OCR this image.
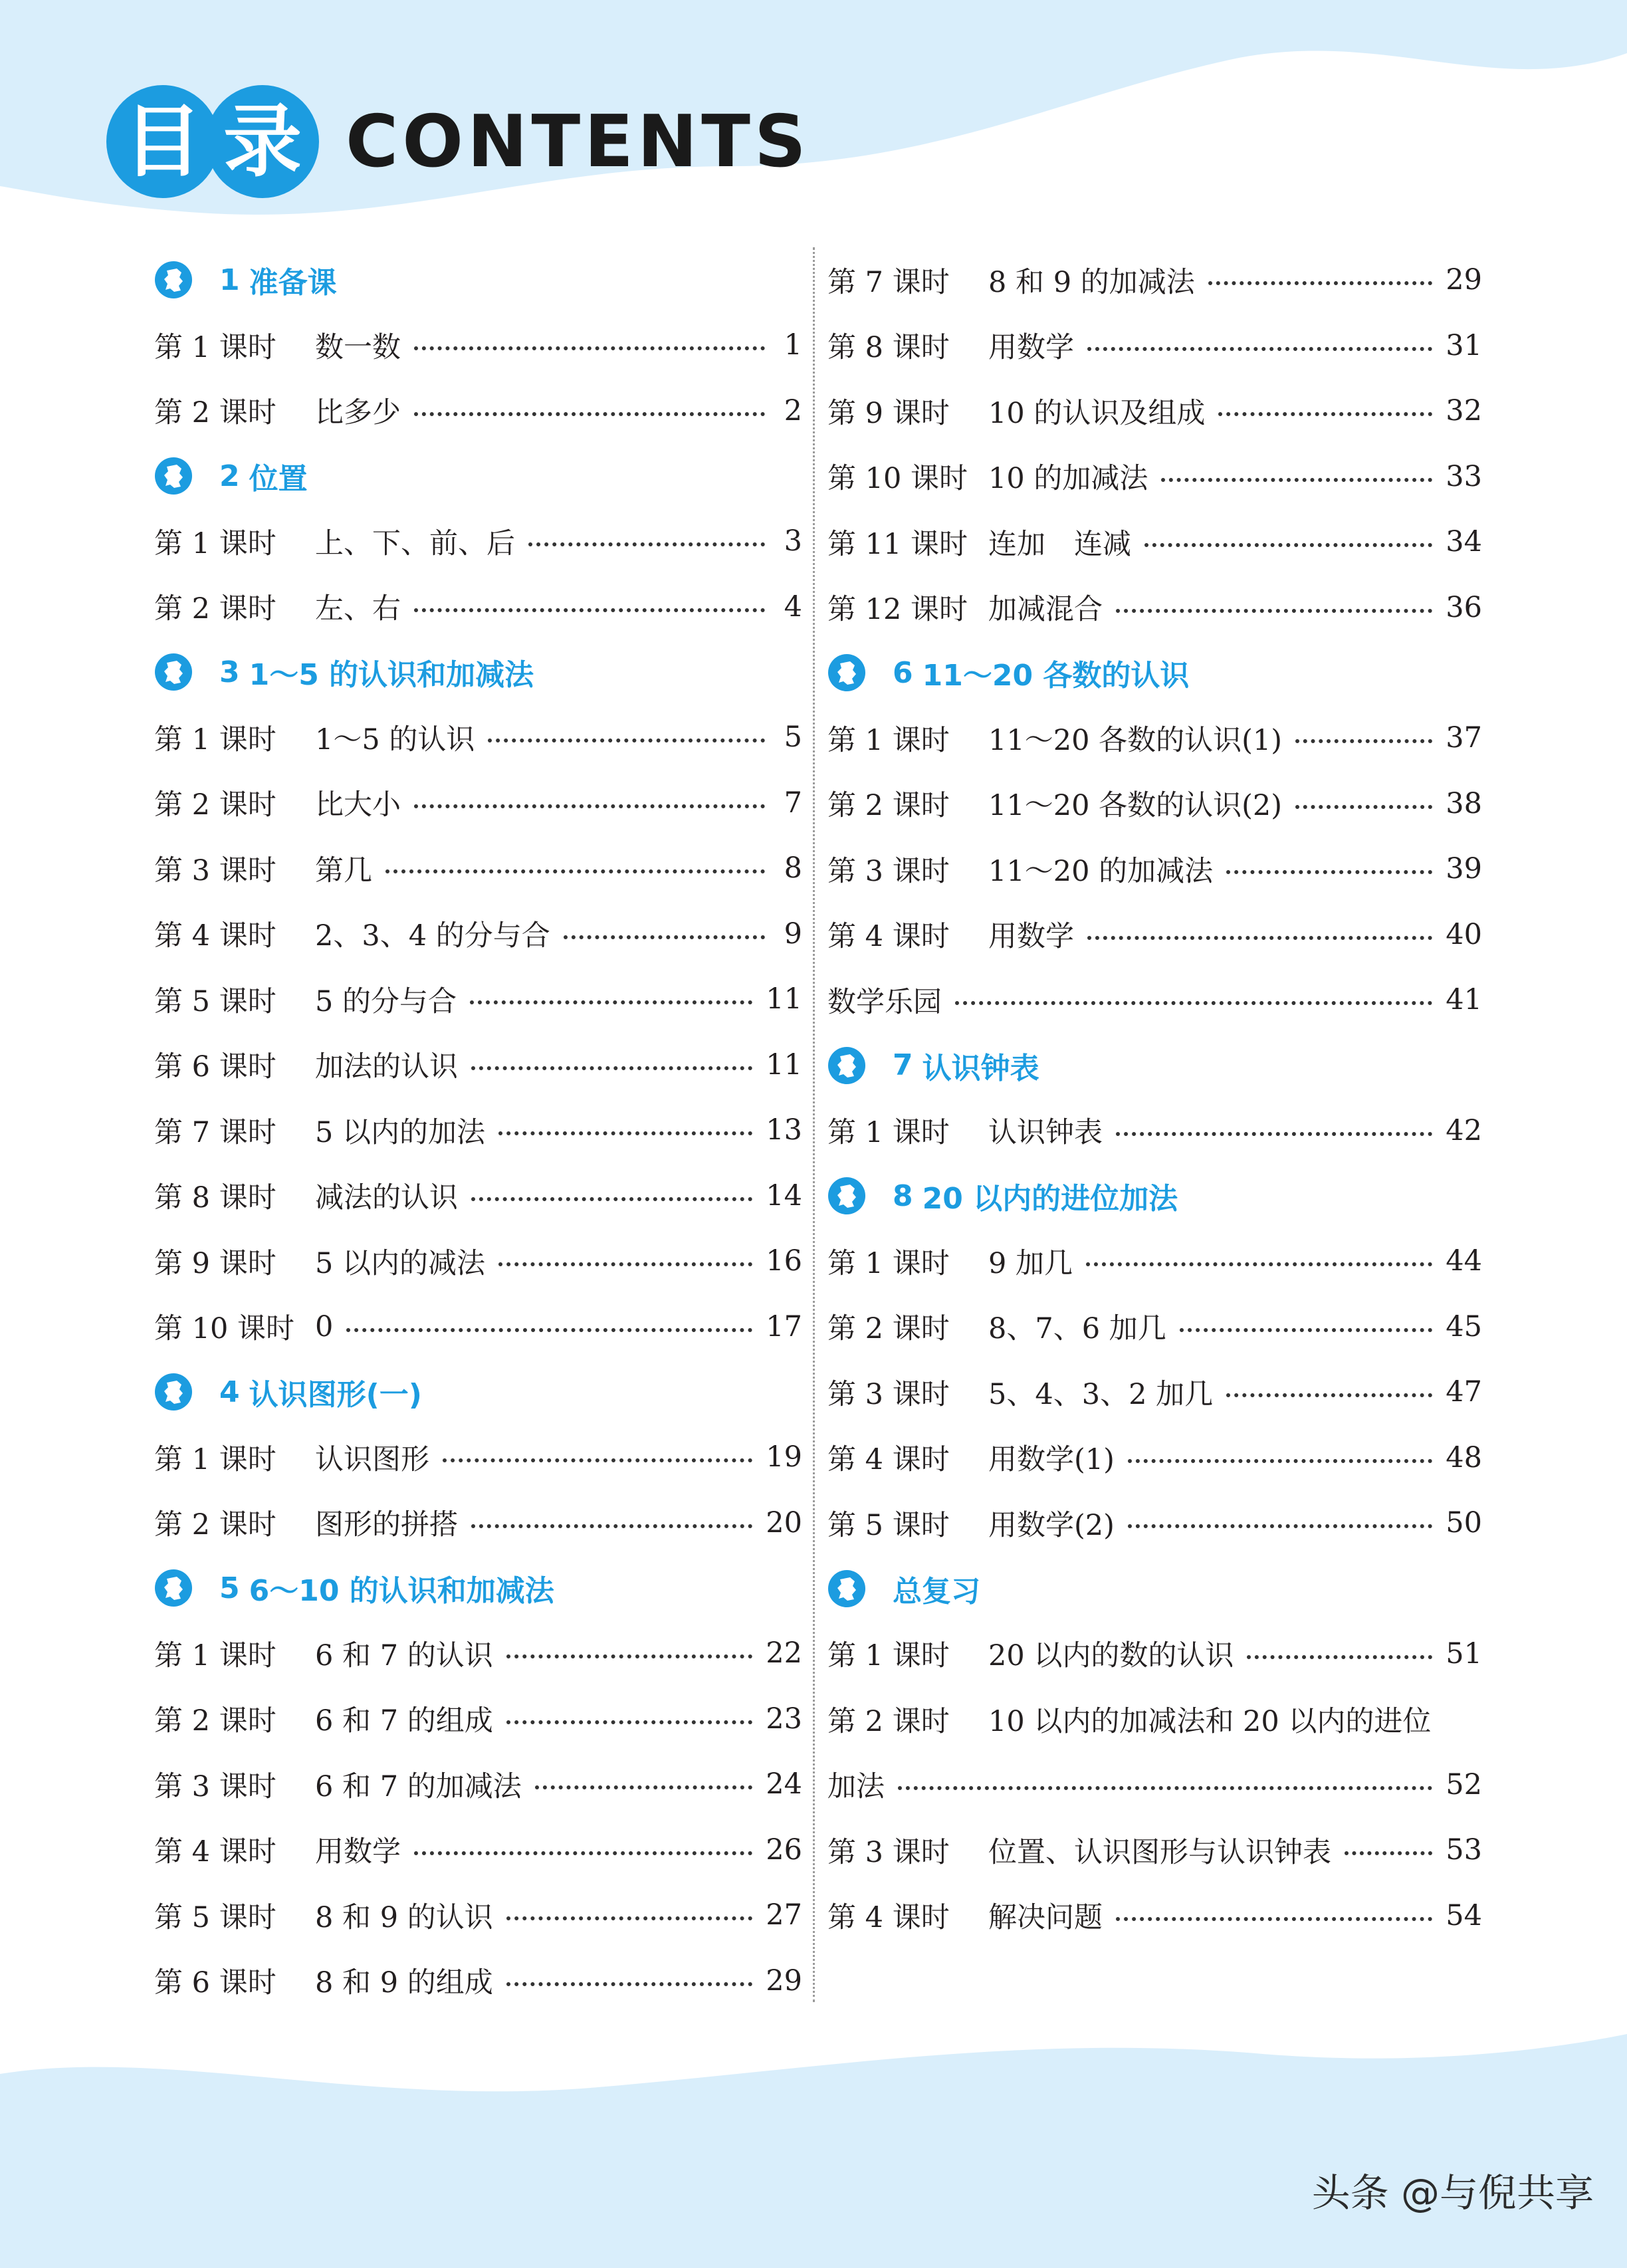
目 录 CONTENTS
1 准备课
第 1 课时	数一数	1
第 2 课时	比多少	2
2 位置
第 1 课时	上、下、前、后	3
第 2 课时	左、右	4
3 1～5 的认识和加减法
第 1 课时	1～5 的认识	5
第 2 课时	比大小	7
第 3 课时	第几	8
第 4 课时	2、3、4 的分与合	9
第 5 课时	5 的分与合	11
第 6 课时	加法的认识	11
第 7 课时	5 以内的加法	13
第 8 课时	减法的认识	14
第 9 课时	5 以内的减法	16
第 10 课时 0	17
4 认识图形(一)
第 1 课时	认识图形	19
第 2 课时	图形的拼搭	20
5 6～10 的认识和加减法
第 1 课时	6 和 7 的认识	22
第 2 课时	6 和 7 的组成	23
第 3 课时	6 和 7 的加减法	24
第 4 课时	用数学	26
第 5 课时	8 和 9 的认识	27
第 6 课时	8 和 9 的组成	29
第 7 课时	8 和 9 的加减法	29
第 8 课时	用数学	31
第 9 课时	10 的认识及组成	32
第 10 课时 10 的加减法	33
第 11 课时 连加　连减	34
第 12 课时 加减混合	36
6 11～20 各数的认识
第 1 课时	11～20 各数的认识(1)	37
第 2 课时	11～20 各数的认识(2)	38
第 3 课时	11～20 的加减法	39
第 4 课时	用数学	40
数学乐园	41
7 认识钟表
第 1 课时	认识钟表	42
8 20 以内的进位加法
第 1 课时	9 加几	44
第 2 课时	8、7、6 加几	45
第 3 课时	5、4、3、2 加几	47
第 4 课时	用数学(1)	48
第 5 课时	用数学(2)	50
总复习
第 1 课时	20 以内的数的认识	51
第 2 课时	10 以内的加减法和 20 以内的进位
加法	52
第 3 课时	位置、认识图形与认识钟表	53
第 4 课时	解决问题	54
头条 @与倪共享
